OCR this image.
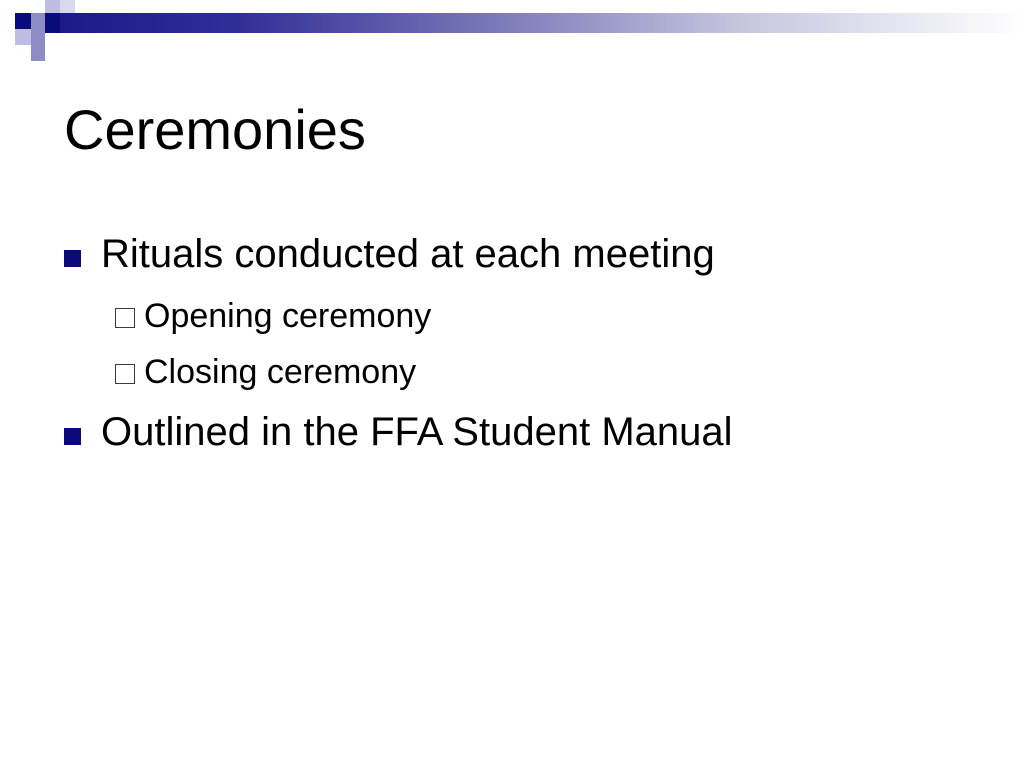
Ceremonies
Rituals conducted at each meeting
Opening ceremony
Closing ceremony
Outlined in the FFA Student Manual
